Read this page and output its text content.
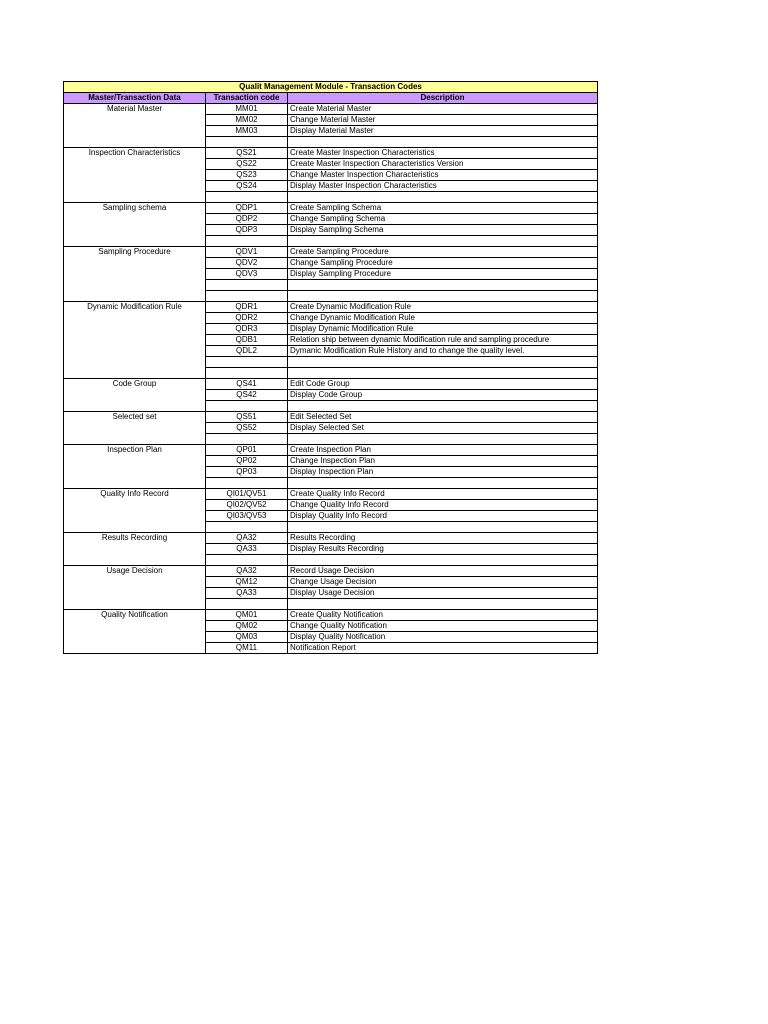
Qualit Management Module - Transaction Codes		
Master/Transaction Data	Transaction code	Description
Material Master	MM01	Create Material Master
	MM02	Change Material Master
	MM03	Display Material Master

Inspection Characteristics	QS21	Create Master Inspection Characteristics
	QS22	Create Master Inspection Characteristics Version
	QS23	Change Master Inspection Characteristics
	QS24	Display Master Inspection Characteristics

Sampling schema	QDP1	Create Sampling Schema
	QDP2	Change Sampling Schema
	QDP3	Display Sampling Schema

Sampling Procedure	QDV1	Create Sampling Procedure
	QDV2	Change Sampling Procedure
	QDV3	Display Sampling Procedure

Dynamic Modification Rule	QDR1	Create Dynamic Modification Rule
	QDR2	Change Dynamic Modification Rule
	QDR3	Display Dynamic Modification Rule
	QDB1	Relation ship between dynamic Modification rule and sampling procedure
	QDL2	Dymanic Modification Rule History and to change the quality level.

Code Group	QS41	Edit Code Group
	QS42	Display Code Group

Selected set	QS51	Edit Selected Set
	QS52	Display Selected Set

Inspection Plan	QP01	Create Inspection Plan
	QP02	Change Inspection Plan
	QP03	Display Inspection Plan

Quality Info Record	QI01/QV51	Create Quality Info Record
	QI02/QV52	Change Quality Info Record
	QI03/QV53	Display Quality Info Record

Results Recording	QA32	Results Recording
	QA33	Display Results Recording

Usage Decision	QA32	Record Usage Decision
	QM12	Change Usage Decision
	QA33	Display Usage Decision

Quality Notification	QM01	Create Quality Notification
	QM02	Change Quality Notification
	QM03	Display Quality Notification
	QM11	Notification Report
